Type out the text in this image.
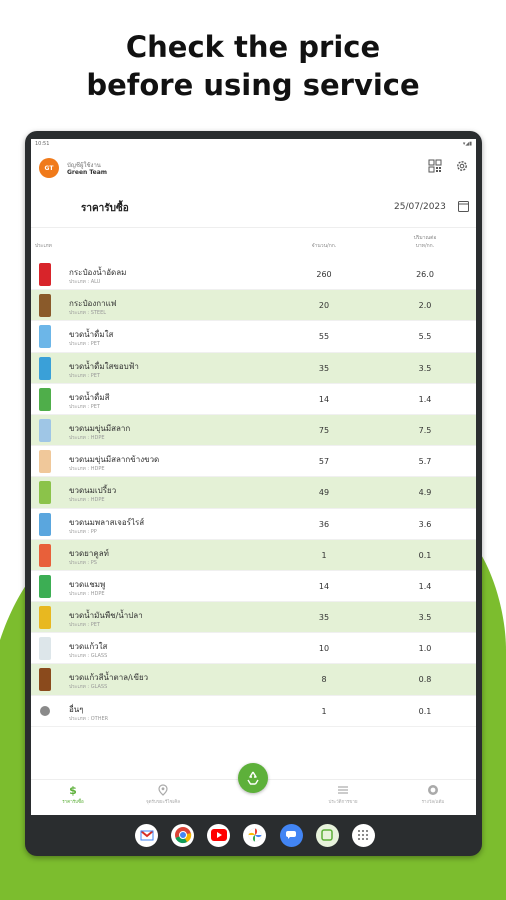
Check the price
before using service
10:51	▾◢▮
GT	บัญชีผู้ใช้งาน
Green Team
ราคารับซื้อ	25/07/2023
ประเภท	จำนวน/กก.
ปริมาณต่อ
บาท/กก.
กระป๋องน้ำอัดลม
ประเภท : ALU
260	26.0
กระป๋องกาแฟ
ประเภท : STEEL
20	2.0
ขวดน้ำดื่มใส
ประเภท : PET
55	5.5
ขวดน้ำดื่มใสขอบฟ้า
ประเภท : PET
35	3.5
ขวดน้ำดื่มสี
ประเภท : PET
14	1.4
ขวดนมขุ่นมีสลาก
ประเภท : HDPE
75	7.5
ขวดนมขุ่นมีสลากข้างขวด
ประเภท : HDPE
57	5.7
ขวดนมเปรี้ยว
ประเภท : HDPE
49	4.9
ขวดนมพลาสเจอร์ไรส์
ประเภท : PP
36	3.6
ขวดยาคูลท์
ประเภท : PS
1	0.1
ขวดแชมพู
ประเภท : HDPE
14	1.4
ขวดน้ำมันพืช/น้ำปลา
ประเภท : PET
35	3.5
ขวดแก้วใส
ประเภท : GLASS
10	1.0
ขวดแก้วสีน้ำตาล/เขียว
ประเภท : GLASS
8	0.8
อื่นๆ
ประเภท : OTHER
1	0.1
$
ราคารับซื้อ	จุดรับขยะรีไซเคิล	ประวัติการขาย	รางวัล/แต้ม
